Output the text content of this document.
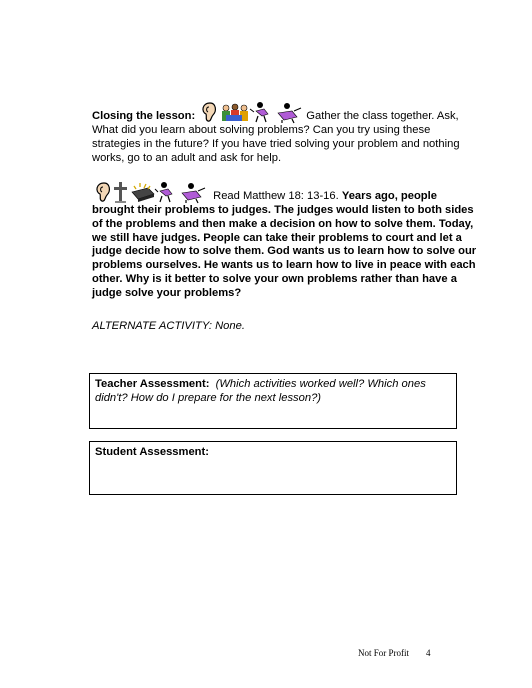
Closing the lesson:	Gather the class together. Ask, What did you learn about solving problems? Can you try using these strategies in the future? If you have tried solving your problem and nothing works, go to an adult and ask for help.
Read Matthew 18: 13-16. Years ago, people brought their problems to judges. The judges would listen to both sides of the problems and then make a decision on how to solve them. Today, we still have judges. People can take their problems to court and let a judge decide how to solve them. God wants us to learn how to solve our problems ourselves. He wants us to learn how to live in peace with each other. Why is it better to solve your own problems rather than have a judge solve your problems?
ALTERNATE ACTIVITY: None.
Teacher Assessment: (Which activities worked well? Which ones didn't? How do I prepare for the next lesson?)
Student Assessment:
Not For Profit 4
